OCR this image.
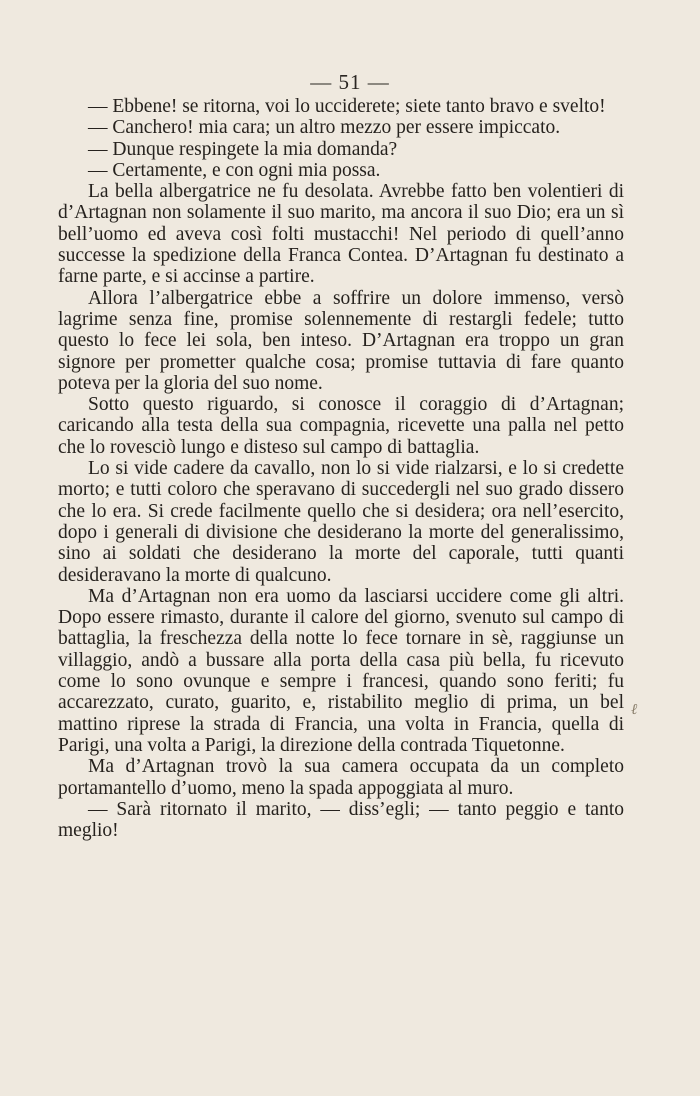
— 51 —

— Ebbene! se ritorna, voi lo ucciderete; siete tanto bravo e svelto!

— Canchero! mia cara; un altro mezzo per essere impiccato.

— Dunque respingete la mia domanda?

— Certamente, e con ogni mia possa.

La bella albergatrice ne fu desolata. Avrebbe fatto ben volentieri di d’Artagnan non solamente il suo marito, ma ancora il suo Dio; era un sì bell’uomo ed aveva così folti mustacchi! Nel periodo di quell’anno successe la spedizione della Franca Contea. D’Artagnan fu destinato a farne parte, e si accinse a partire.

Allora l’albergatrice ebbe a soffrire un dolore immenso, versò lagrime senza fine, promise solennemente di restargli fedele; tutto questo lo fece lei sola, ben inteso. D’Artagnan era troppo un gran signore per prometter qualche cosa; promise tuttavia di fare quanto poteva per la gloria del suo nome.

Sotto questo riguardo, si conosce il coraggio di d’Artagnan; caricando alla testa della sua compagnia, ricevette una palla nel petto che lo rovesciò lungo e disteso sul campo di battaglia.

Lo si vide cadere da cavallo, non lo si vide rialzarsi, e lo si credette morto; e tutti coloro che speravano di succedergli nel suo grado dissero che lo era. Si crede facilmente quello che si desidera; ora nell’esercito, dopo i generali di divisione che desiderano la morte del generalissimo, sino ai soldati che desiderano la morte del caporale, tutti quanti desideravano la morte di qualcuno.

Ma d’Artagnan non era uomo da lasciarsi uccidere come gli altri. Dopo essere rimasto, durante il calore del giorno, svenuto sul campo di battaglia, la freschezza della notte lo fece tornare in sè, raggiunse un villaggio, andò a bussare alla porta della casa più bella, fu ricevuto come lo sono ovunque e sempre i francesi, quando sono feriti; fu accarezzato, curato, guarito, e, ristabilito meglio di prima, un bel mattino riprese la strada di Francia, una volta in Francia, quella di Parigi, una volta a Parigi, la direzione della contrada Tiquetonne.

Ma d’Artagnan trovò la sua camera occupata da un completo portamantello d’uomo, meno la spada appoggiata al muro.

— Sarà ritornato il marito, — diss’egli; — tanto peggio e tanto meglio!

ℓ
